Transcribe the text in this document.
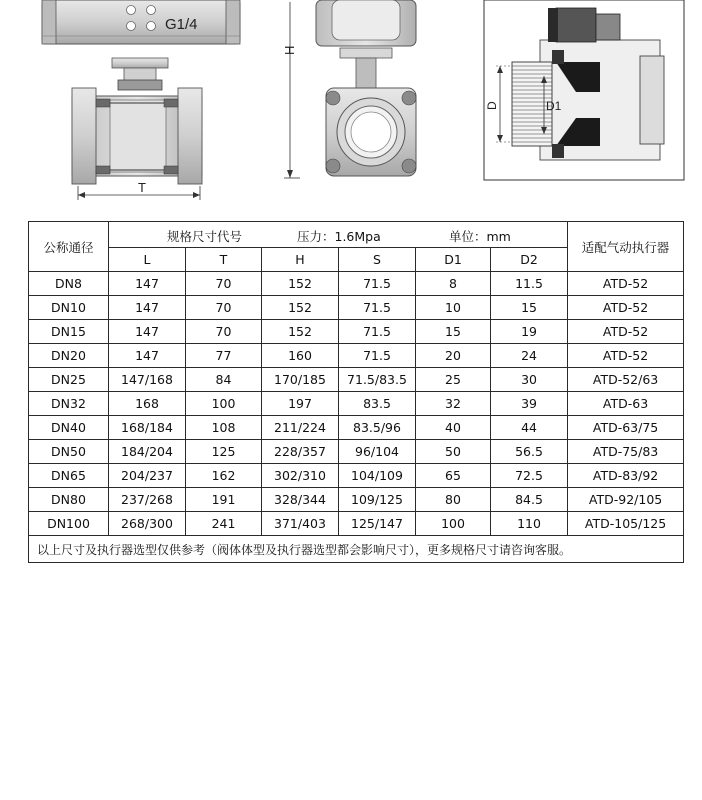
G1/4
T
H
D	D1
公称通径	规格尺寸代号 压力：1.6Mpa 单位：mm						适配气动执行器
	L	T	H	S	D1	D2	
DN8	147	70	152	71.5	8	11.5	ATD-52
DN10	147	70	152	71.5	10	15	ATD-52
DN15	147	70	152	71.5	15	19	ATD-52
DN20	147	77	160	71.5	20	24	ATD-52
DN25	147/168	84	170/185	71.5/83.5	25	30	ATD-52/63
DN32	168	100	197	83.5	32	39	ATD-63
DN40	168/184	108	211/224	83.5/96	40	44	ATD-63/75
DN50	184/204	125	228/357	96/104	50	56.5	ATD-75/83
DN65	204/237	162	302/310	104/109	65	72.5	ATD-83/92
DN80	237/268	191	328/344	109/125	80	84.5	ATD-92/105
DN100	268/300	241	371/403	125/147	100	110	ATD-105/125
以上尺寸及执行器选型仅供参考（阀体体型及执行器选型都会影响尺寸），更多规格尺寸请咨询客服。							
